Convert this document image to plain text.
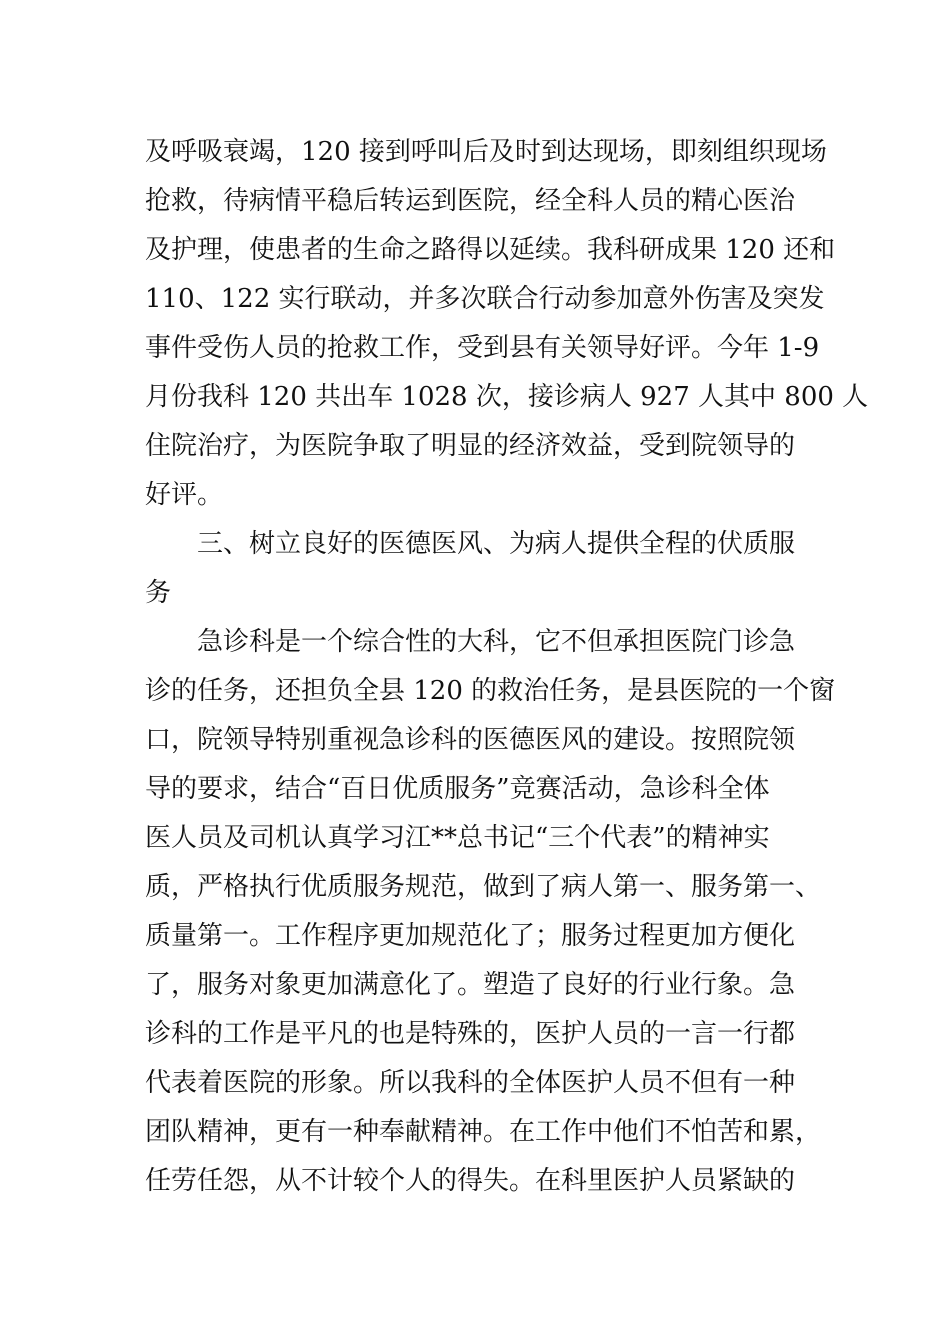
及呼吸衰竭，120 接到呼叫后及时到达现场，即刻组织现场
抢救，待病情平稳后转运到医院，经全科人员的精心医治
及护理，使患者的生命之路得以延续。我科研成果 120 还和
110、122 实行联动，并多次联合行动参加意外伤害及突发
事件受伤人员的抢救工作，受到县有关领导好评。今年 1-9
月份我科 120 共出车 1028 次，接诊病人 927 人其中 800 人
住院治疗，为医院争取了明显的经济效益，受到院领导的
好评。
三、树立良好的医德医风、为病人提供全程的伏质服
务
急诊科是一个综合性的大科，它不但承担医院门诊急
诊的任务，还担负全县 120 的救治任务，是县医院的一个窗
口，院领导特别重视急诊科的医德医风的建设。按照院领
导的要求，结合“百日优质服务”竞赛活动，急诊科全体
医人员及司机认真学习江**总书记“三个代表”的精神实
质，严格执行优质服务规范，做到了病人第一、服务第一、
质量第一。工作程序更加规范化了；服务过程更加方便化
了，服务对象更加满意化了。塑造了良好的行业行象。急
诊科的工作是平凡的也是特殊的，医护人员的一言一行都
代表着医院的形象。所以我科的全体医护人员不但有一种
团队精神，更有一种奉献精神。在工作中他们不怕苦和累，
任劳任怨，从不计较个人的得失。在科里医护人员紧缺的
